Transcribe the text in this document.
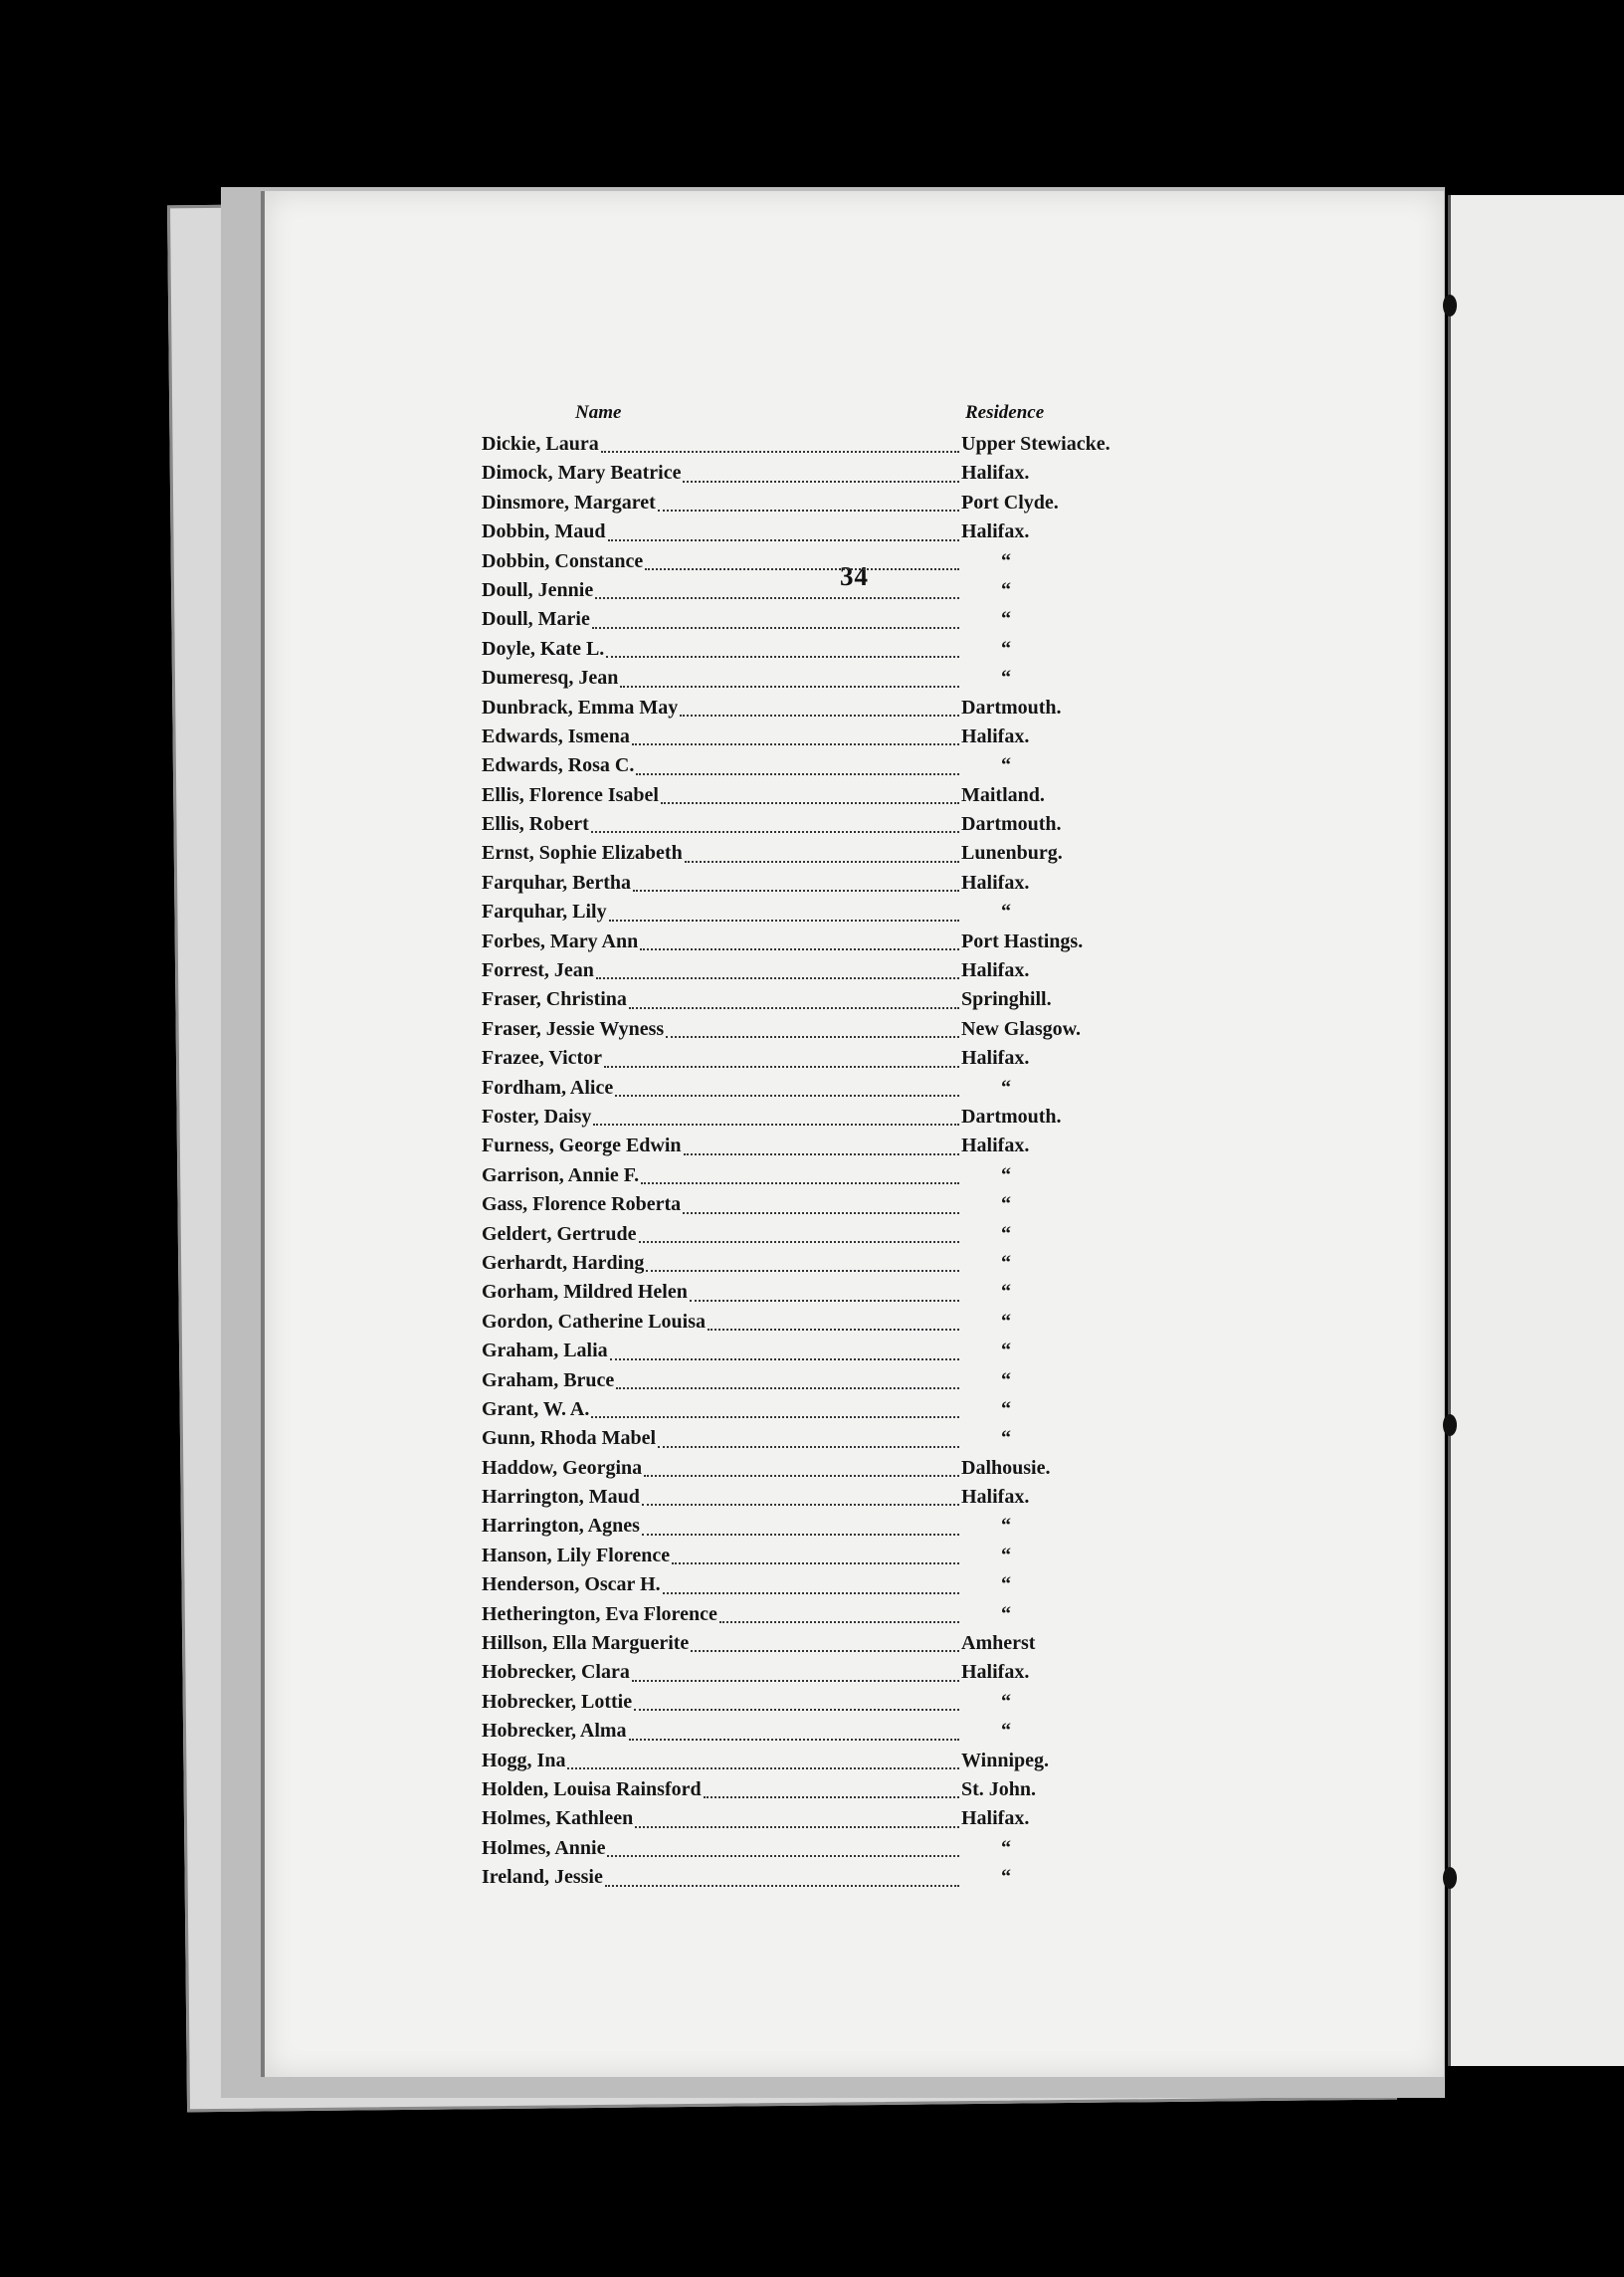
34
Name	Residence
Dickie, Laura	Upper Stewiacke.
Dimock, Mary Beatrice	Halifax.
Dinsmore, Margaret	Port Clyde.
Dobbin, Maud	Halifax.
Dobbin, Constance	“
Doull, Jennie	“
Doull, Marie	“
Doyle, Kate L.	“
Dumeresq, Jean	“
Dunbrack, Emma May	Dartmouth.
Edwards, Ismena	Halifax.
Edwards, Rosa C.	“
Ellis, Florence Isabel	Maitland.
Ellis, Robert	Dartmouth.
Ernst, Sophie Elizabeth	Lunenburg.
Farquhar, Bertha	Halifax.
Farquhar, Lily	“
Forbes, Mary Ann	Port Hastings.
Forrest, Jean	Halifax.
Fraser, Christina	Springhill.
Fraser, Jessie Wyness	New Glasgow.
Frazee, Victor	Halifax.
Fordham, Alice	“
Foster, Daisy	Dartmouth.
Furness, George Edwin	Halifax.
Garrison, Annie F.	“
Gass, Florence Roberta	“
Geldert, Gertrude	“
Gerhardt, Harding	“
Gorham, Mildred Helen	“
Gordon, Catherine Louisa	“
Graham, Lalia	“
Graham, Bruce	“
Grant, W. A.	“
Gunn, Rhoda Mabel	“
Haddow, Georgina	Dalhousie.
Harrington, Maud	Halifax.
Harrington, Agnes	“
Hanson, Lily Florence	“
Henderson, Oscar H.	“
Hetherington, Eva Florence	“
Hillson, Ella Marguerite	Amherst
Hobrecker, Clara	Halifax.
Hobrecker, Lottie	“
Hobrecker, Alma	“
Hogg, Ina	Winnipeg.
Holden, Louisa Rainsford	St. John.
Holmes, Kathleen	Halifax.
Holmes, Annie	“
Ireland, Jessie	“
